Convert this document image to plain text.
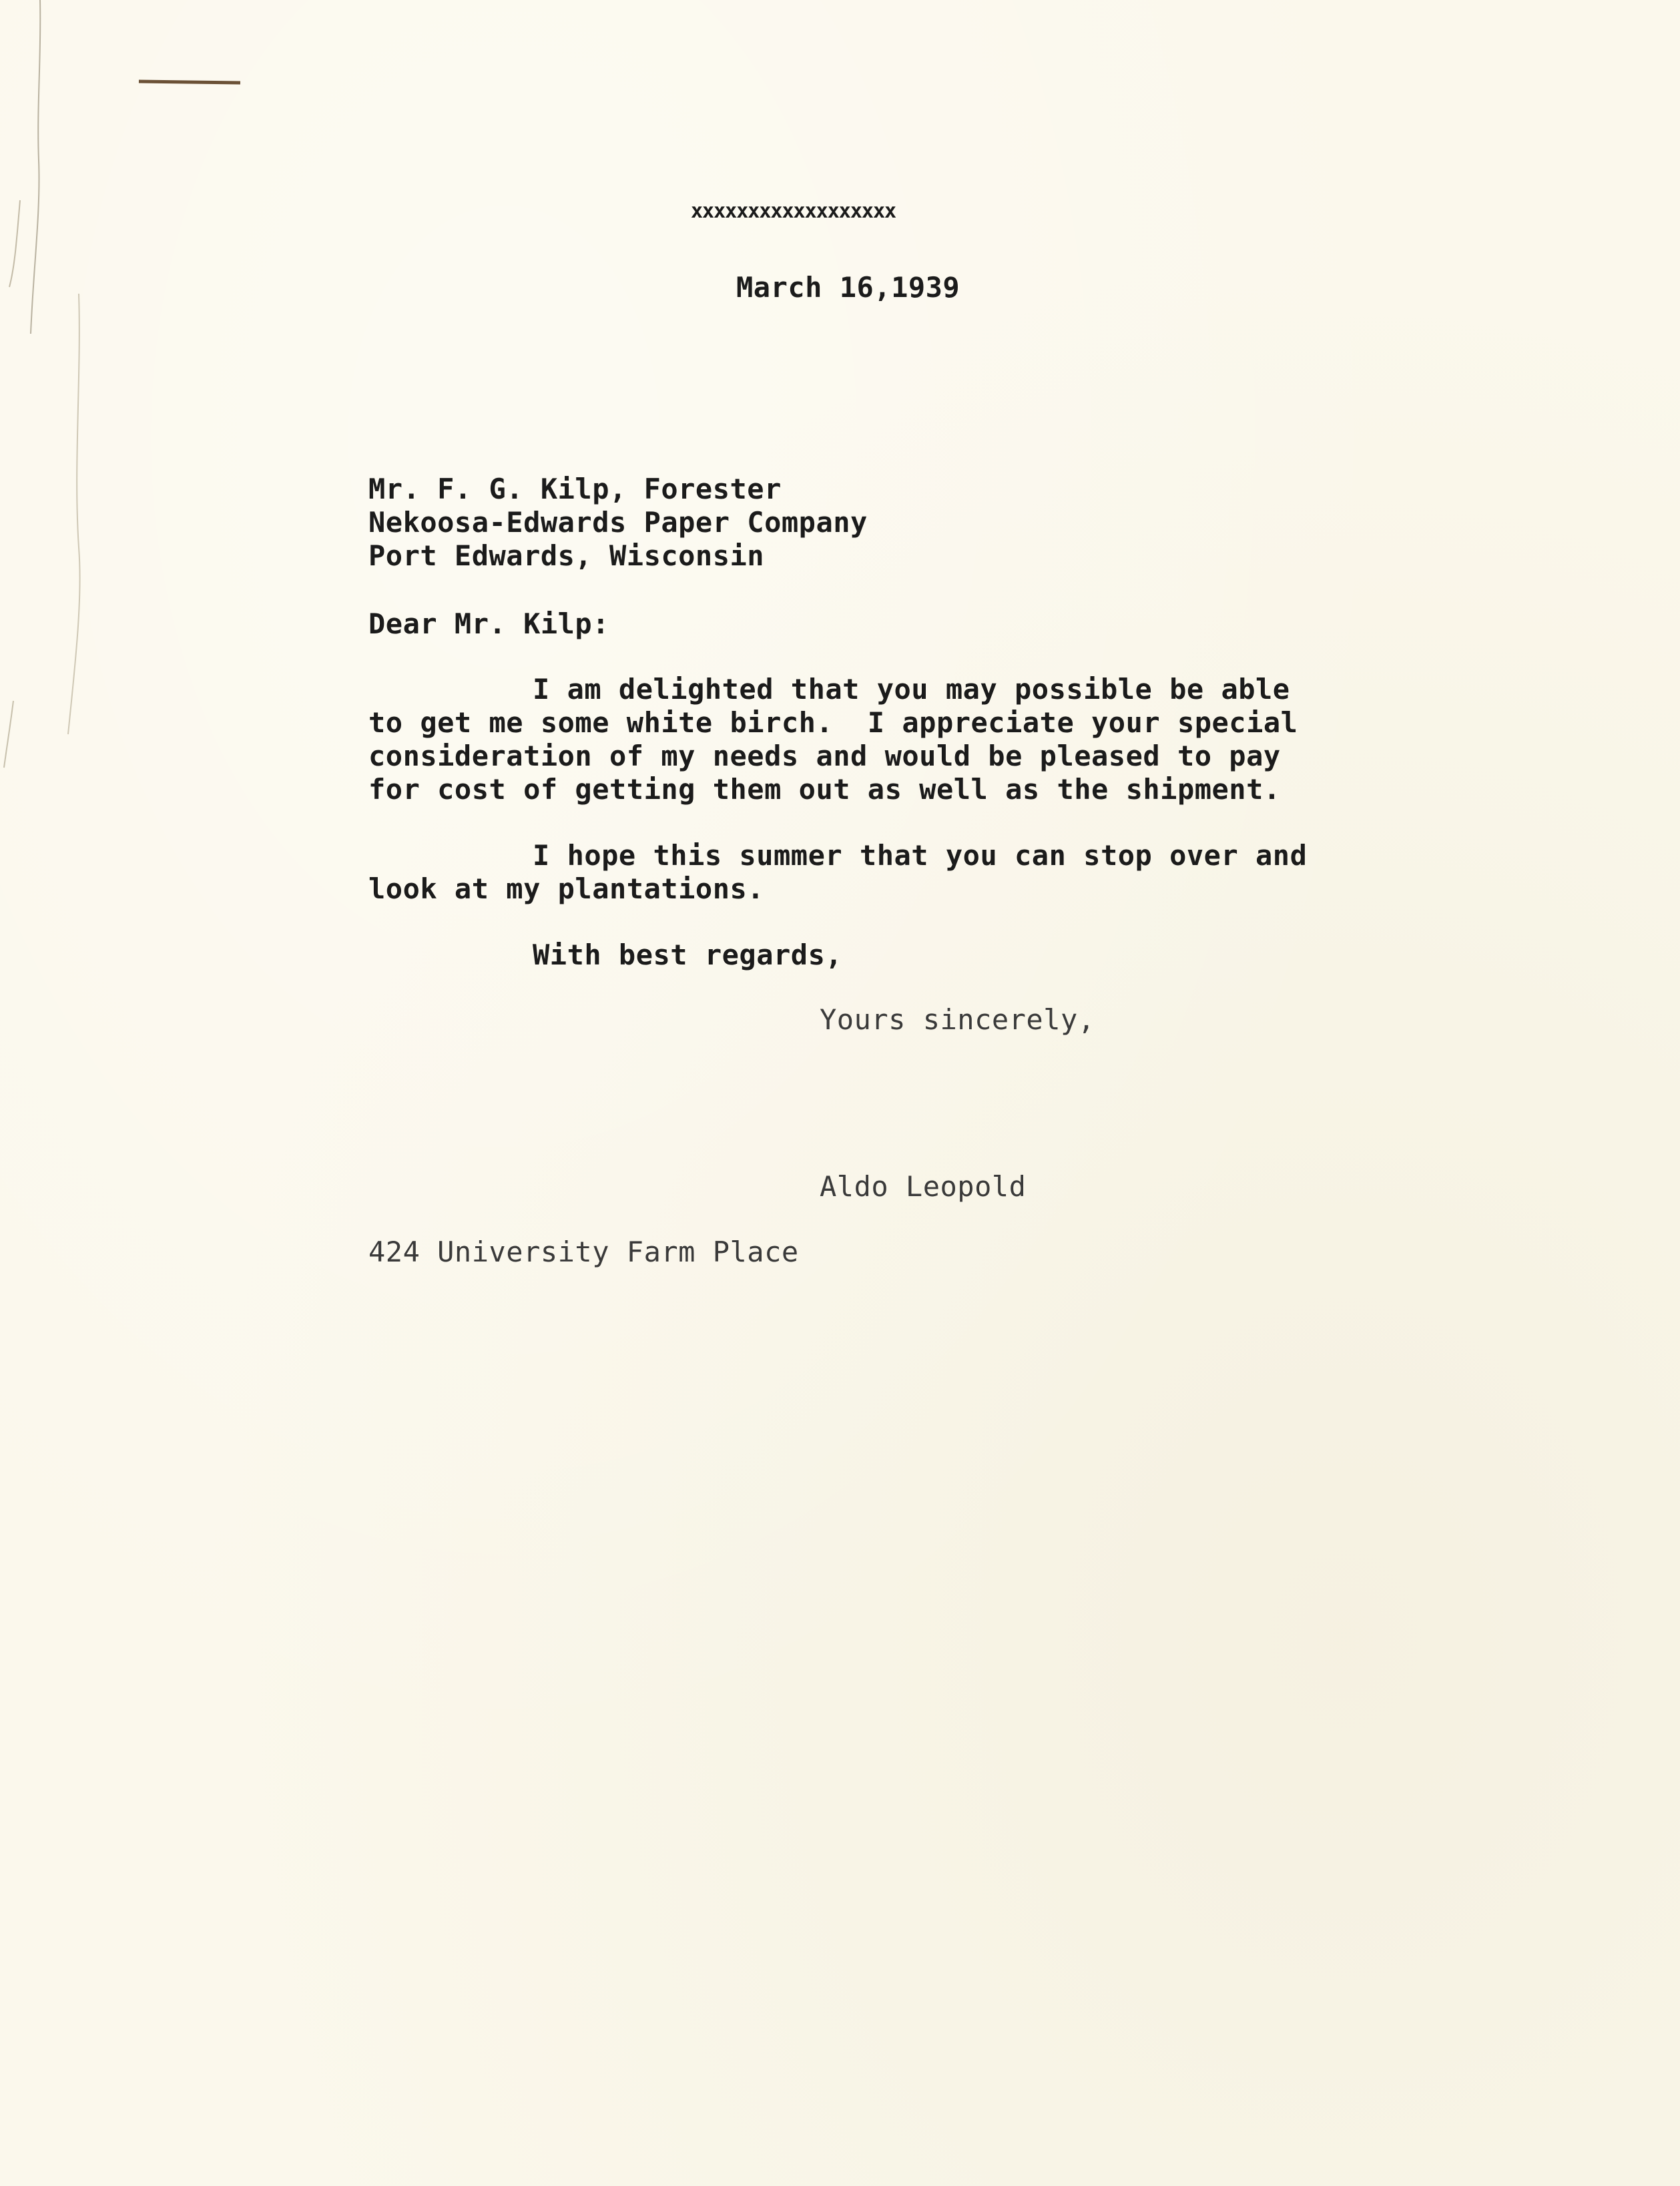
xxxxxxxxxxxxxxxxxx
March 16,1939
Mr. F. G. Kilp, Forester
Nekoosa-Edwards Paper Company
Port Edwards, Wisconsin
Dear Mr. Kilp:
I am delighted that you may possible be able
to get me some white birch.  I appreciate your special
consideration of my needs and would be pleased to pay
for cost of getting them out as well as the shipment.
I hope this summer that you can stop over and
look at my plantations.
With best regards,
Yours sincerely,
Aldo Leopold
424 University Farm Place
